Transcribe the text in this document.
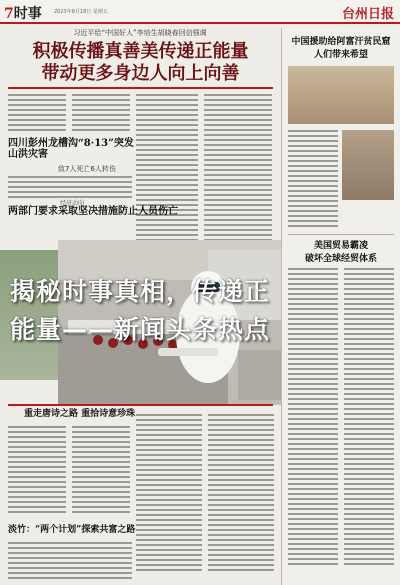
7时事 2023年8月18日 星期五	台州日报
习近平给“中国好人”李培生胡晓春回信强调
积极传播真善美传递正能量
带动更多身边人向上向善
四川彭州龙槽沟“8·13”突发山洪灾害
致7人死亡6人转伤
经济动向
两部门要求采取坚决措施防止人员伤亡
重走唐诗之路 重拾诗意珍珠
淡竹：“两个计划”探索共富之路
中国援助给阿富汗贫民窟
人们带来希望
美国贸易霸凌
破坏全球经贸体系
揭秘时事真相，传递正
能量——新闻头条热点
